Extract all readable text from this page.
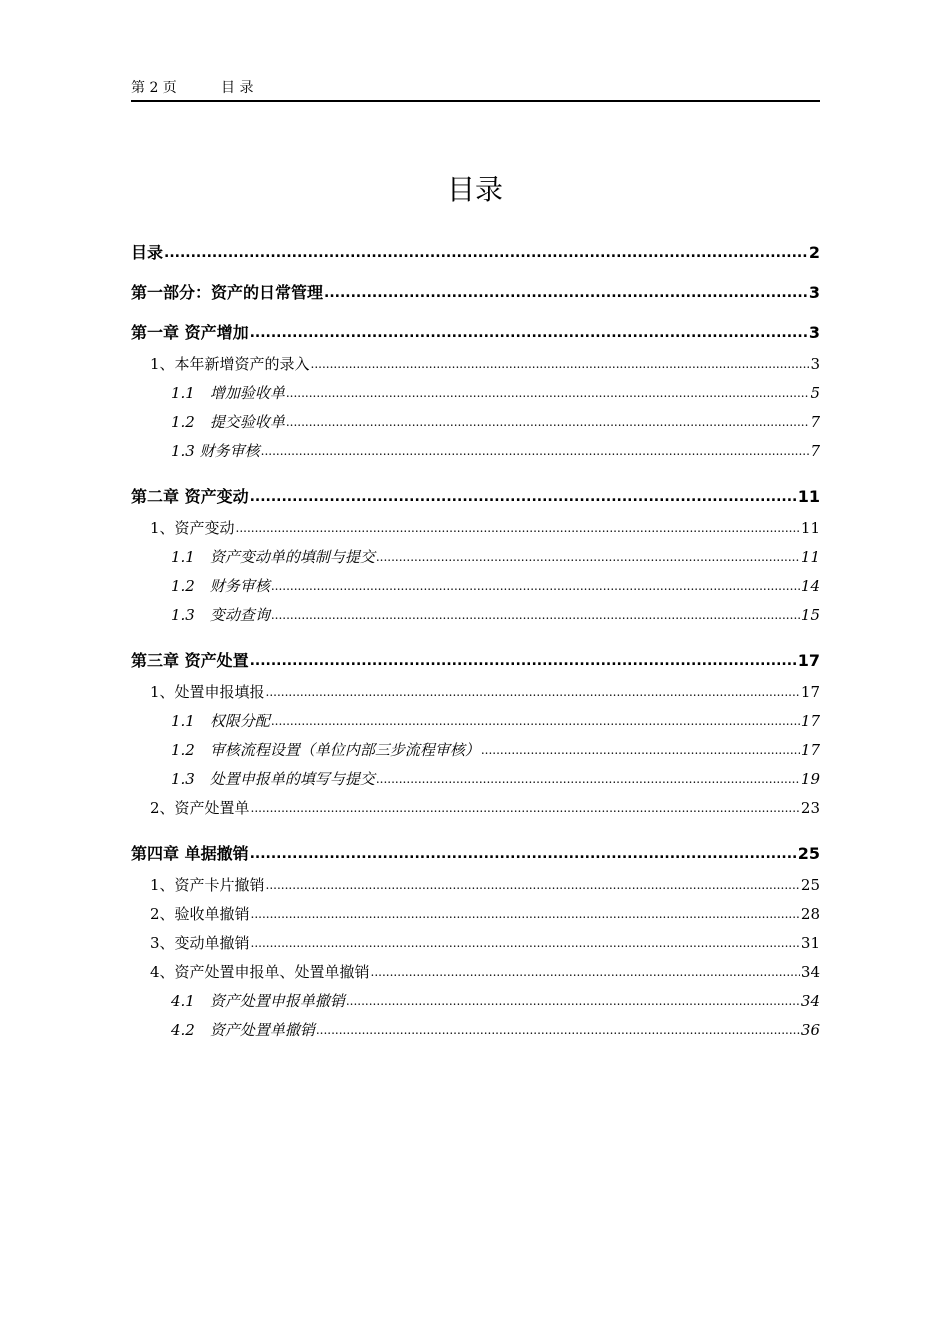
第 2 页	目 录
目录
目录 .....	2
第一部分：资产的日常管理 .....	3
第一章 资产增加 .....	3
1、本年新增资产的录入 .....	3
1.1　增加验收单 .....	5
1.2　提交验收单 .....	7
1.3 财务审核 .....	7
第二章 资产变动 .....	11
1、资产变动 .....	11
1.1　资产变动单的填制与提交 .....	11
1.2　财务审核 .....	14
1.3　变动查询 .....	15
第三章 资产处置 .....	17
1、处置申报填报 .....	17
1.1　权限分配 .....	17
1.2　审核流程设置（单位内部三步流程审核） .....	17
1.3　处置申报单的填写与提交 .....	19
2、资产处置单 .....	23
第四章 单据撤销 .....	25
1、资产卡片撤销 .....	25
2、验收单撤销 .....	28
3、变动单撤销 .....	31
4、资产处置申报单、处置单撤销 .....	34
4.1　资产处置申报单撤销 .....	34
4.2　资产处置单撤销 .....	36
